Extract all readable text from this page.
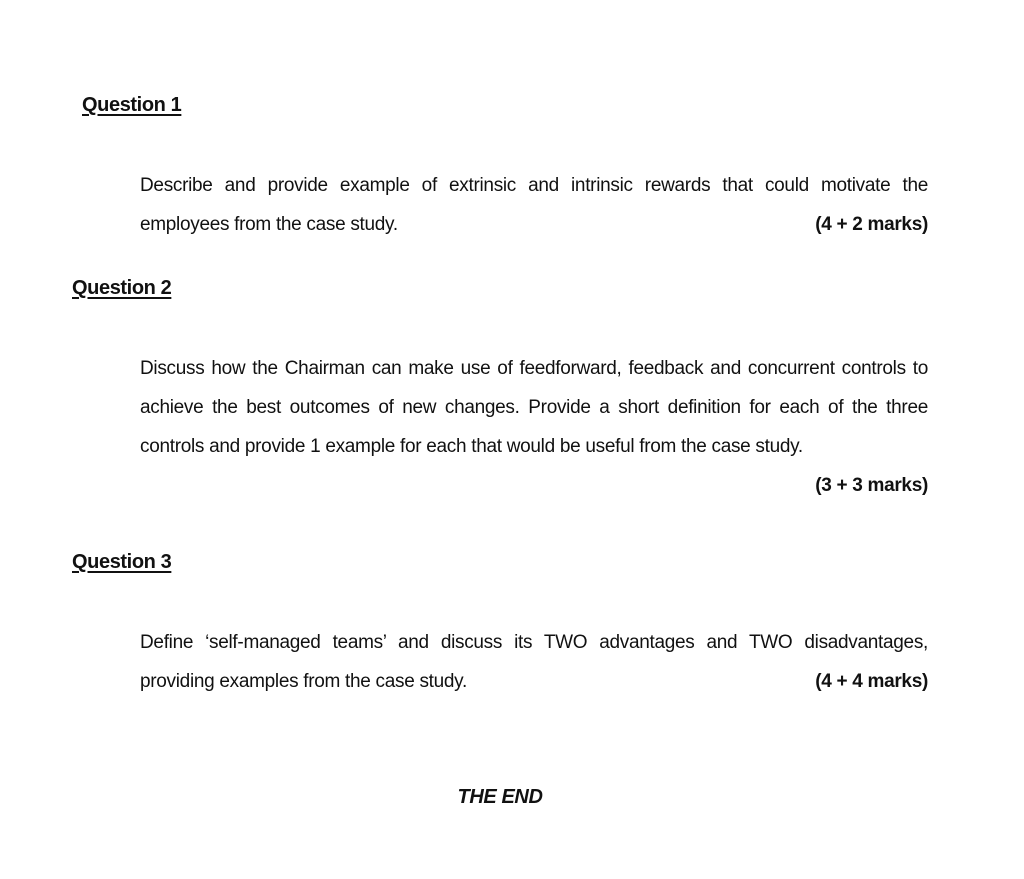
Question 1
Describe and provide example of extrinsic and intrinsic rewards that could motivate the
employees from the case study.	(4 + 2 marks)
Question 2
Discuss how the Chairman can make use of feedforward, feedback and concurrent controls to
achieve the best outcomes of new changes. Provide a short definition for each of the three
controls and provide 1 example for each that would be useful from the case study.
(3 + 3 marks)
Question 3
Define ‘self-managed teams’ and discuss its TWO advantages and TWO disadvantages,
providing examples from the case study.	(4 + 4 marks)
THE END
